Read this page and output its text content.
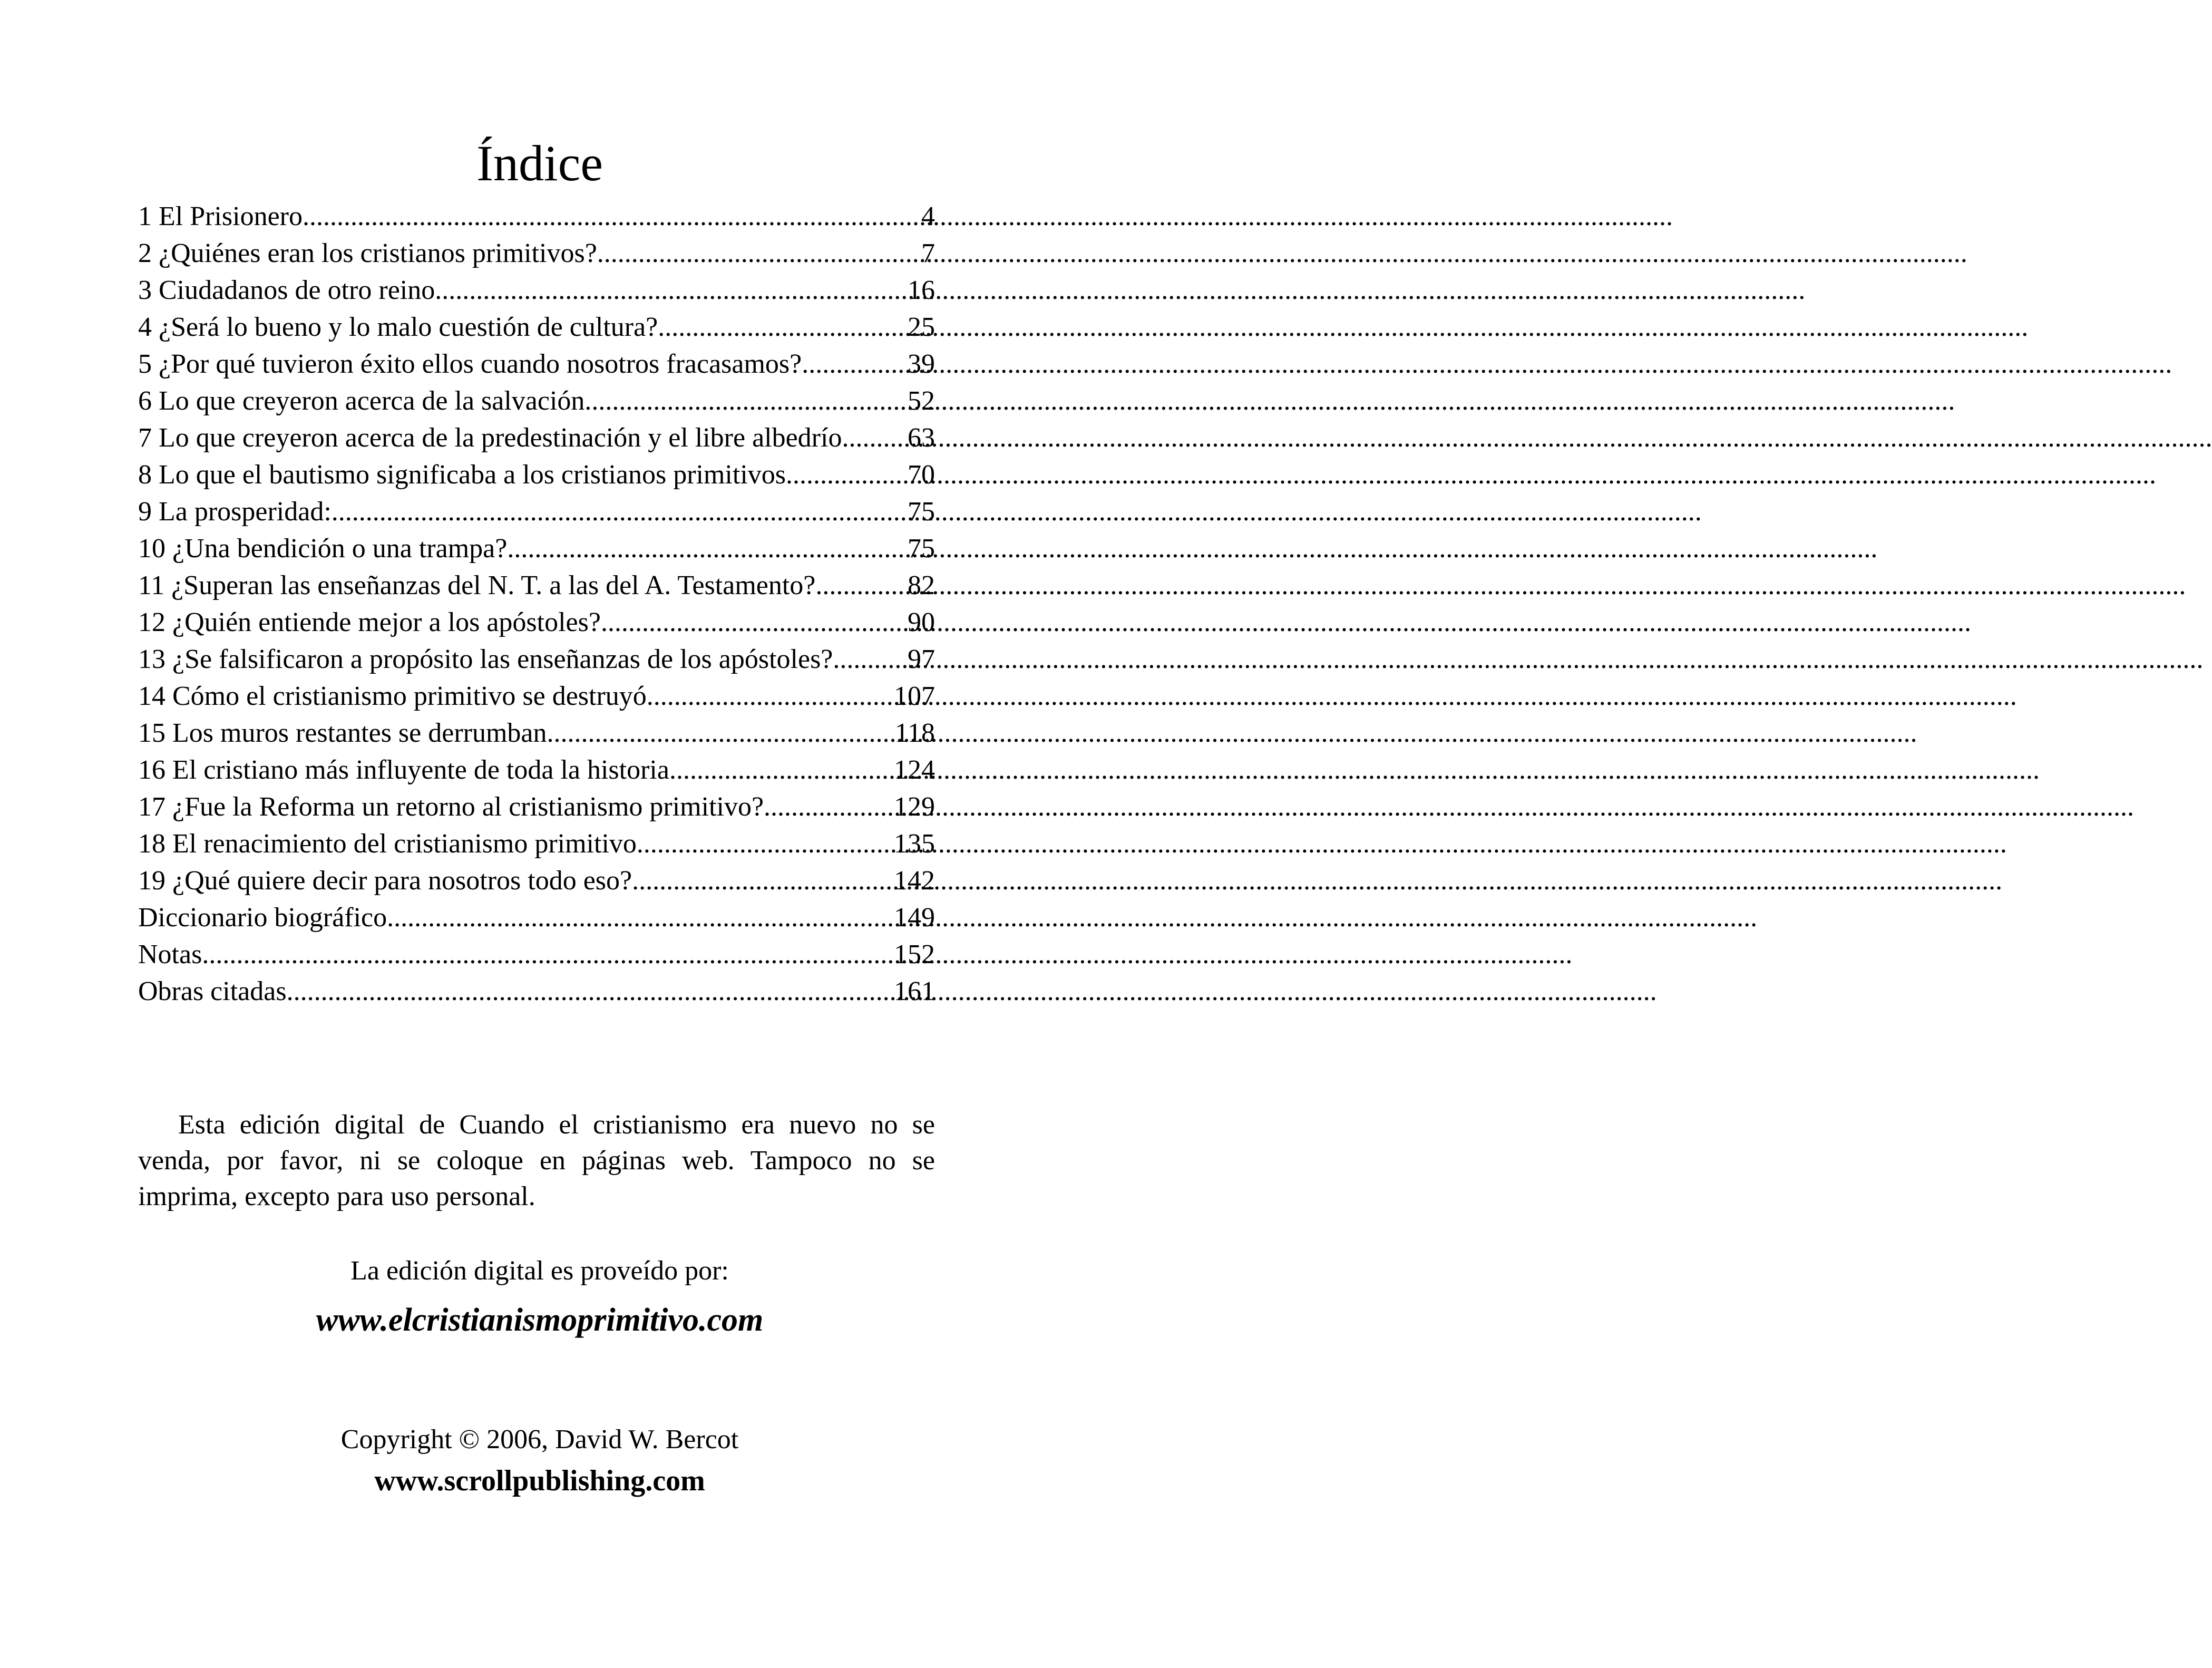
Índice
1 El Prisionero .....	4
2 ¿Quiénes eran los cristianos primitivos? .....	7
3 Ciudadanos de otro reino .....	16
4 ¿Será lo bueno y lo malo cuestión de cultura? .....	25
5 ¿Por qué tuvieron éxito ellos cuando nosotros fracasamos? .....	39
6 Lo que creyeron acerca de la salvación .....	52
7 Lo que creyeron acerca de la predestinación y el libre albedrío ..... 63
8 Lo que el bautismo significaba a los cristianos primitivos .....	70
9 La prosperidad: .....	75
10 ¿Una bendición o una trampa? .....	75
11 ¿Superan las enseñanzas del N. T. a las del A. Testamento? .....	82
12 ¿Quién entiende mejor a los apóstoles? .....	90
13 ¿Se falsificaron a propósito las enseñanzas de los apóstoles? .....	97
14 Cómo el cristianismo primitivo se destruyó .....	107
15 Los muros restantes se derrumban .....	118
16 El cristiano más influyente de toda la historia .....	124
17 ¿Fue la Reforma un retorno al cristianismo primitivo? .....	129
18 El renacimiento del cristianismo primitivo .....	135
19 ¿Qué quiere decir para nosotros todo eso? .....	142
Diccionario biográfico .....	149
Notas .....	152
Obras citadas .....	161

Esta edición digital de Cuando el cristianismo era nuevo no se venda, por favor, ni se coloque en páginas web. Tampoco no se imprima, excepto para uso personal.

La edición digital es proveído por:
www.elcristianismoprimitivo.com
Copyright © 2006, David W. Bercot
www.scrollpublishing.com
